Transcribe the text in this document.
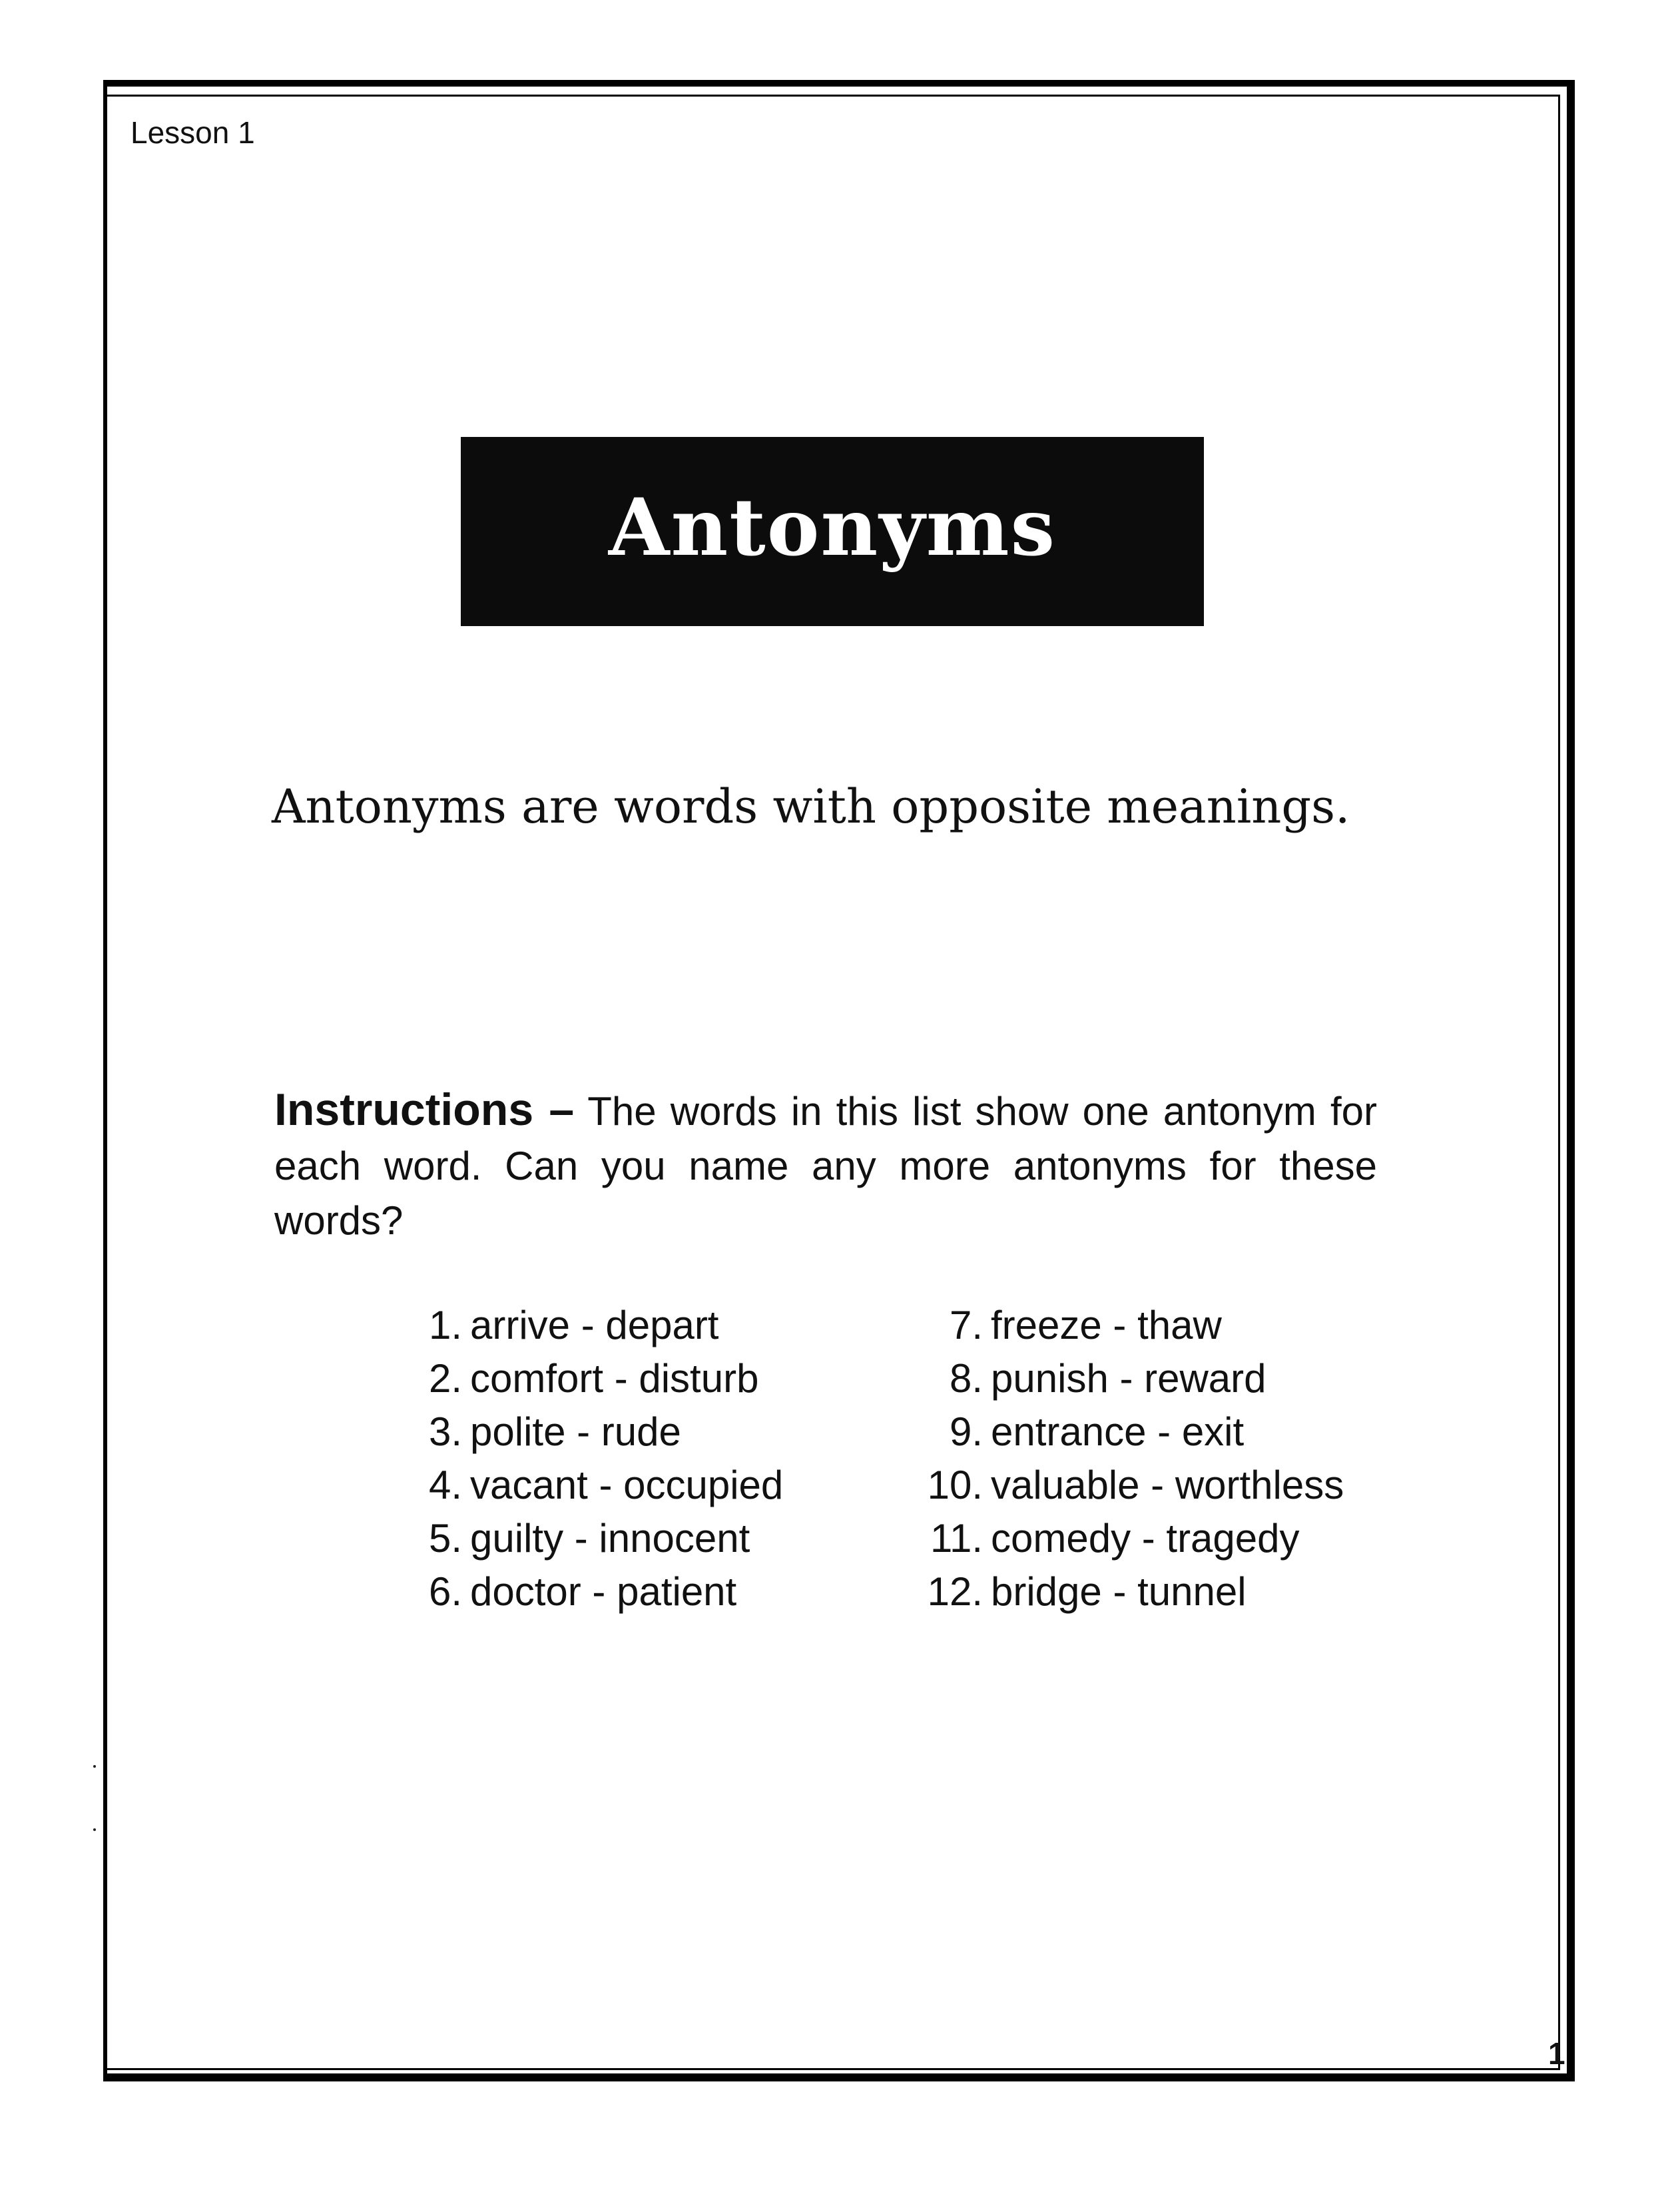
Lesson 1
Antonyms
Antonyms are words with opposite meanings.
Instructions – The words in this list show one antonym for each word. Can you name any more antonyms for these words?
1. arrive - depart
2. comfort - disturb
3. polite - rude
4. vacant - occupied
5. guilty - innocent
6. doctor - patient
7. freeze - thaw
8. punish - reward
9. entrance - exit
10. valuable - worthless
11. comedy - tragedy
12. bridge - tunnel
1
